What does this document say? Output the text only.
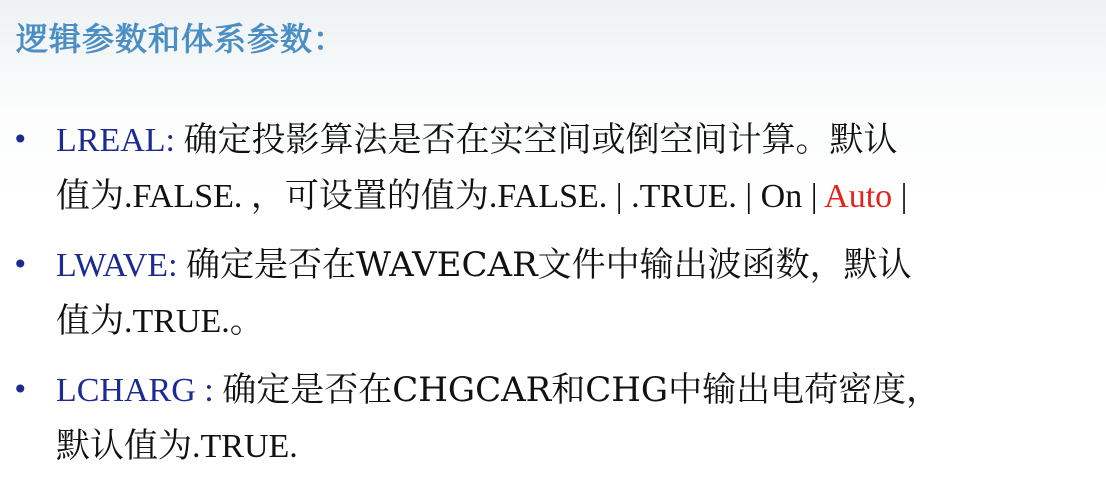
逻辑参数和体系参数：
• LREAL: 确定投影算法是否在实空间或倒空间计算。默认
值为.FALSE. ，可设置的值为.FALSE. | .TRUE. | On | Auto |
• LWAVE: 确定是否在WAVECAR文件中输出波函数，默认
值为.TRUE.。
• LCHARG : 确定是否在CHGCAR和CHG中输出电荷密度，
默认值为.TRUE.
